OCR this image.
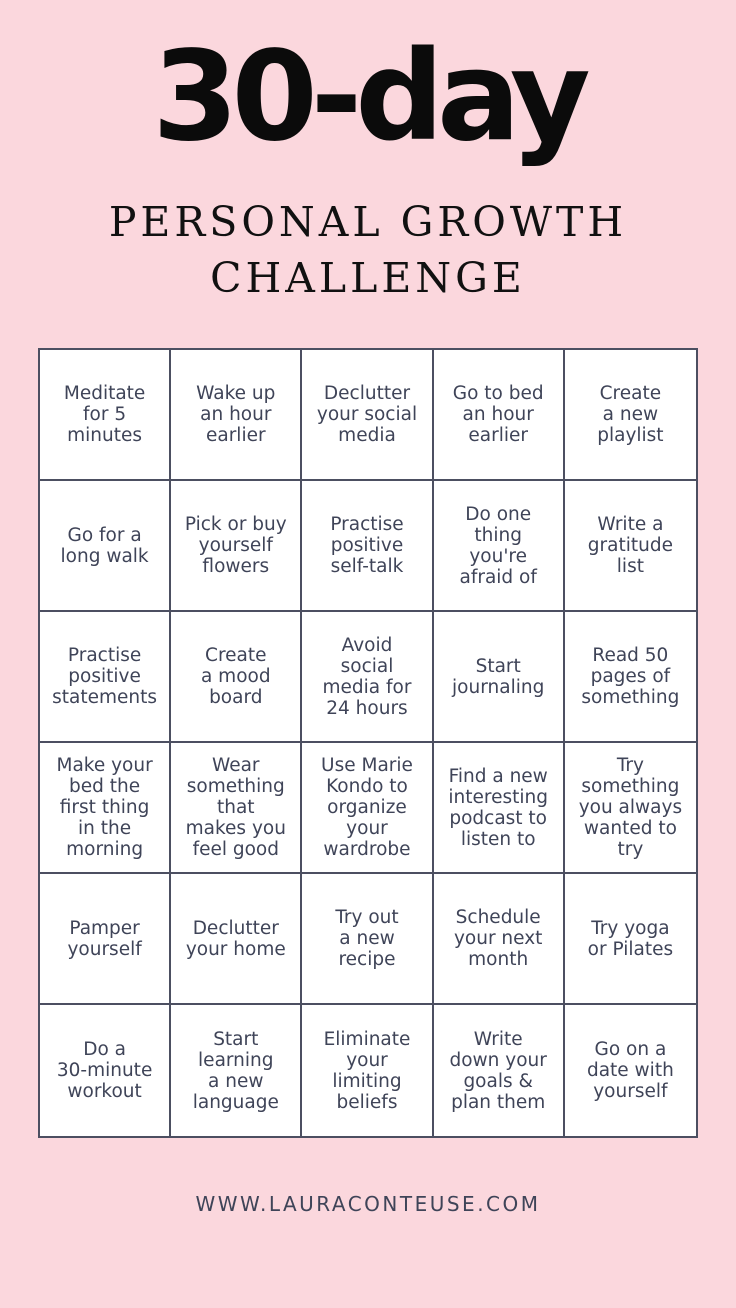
30-day
PERSONAL GROWTH
CHALLENGE
Meditate
for 5
minutes
Wake up
an hour
earlier
Declutter
your social
media
Go to bed
an hour
earlier
Create
a new
playlist
Go for a
long walk
Pick or buy
yourself
flowers
Practise
positive
self-talk
Do one
thing
you're
afraid of
Write a
gratitude
list
Practise
positive
statements
Create
a mood
board
Avoid
social
media for
24 hours
Start
journaling
Read 50
pages of
something
Make your
bed the
first thing
in the
morning
Wear
something
that
makes you
feel good
Use Marie
Kondo to
organize
your
wardrobe
Find a new
interesting
podcast to
listen to
Try
something
you always
wanted to
try
Pamper
yourself
Declutter
your home
Try out
a new
recipe
Schedule
your next
month
Try yoga
or Pilates
Do a
30-minute
workout
Start
learning
a new
language
Eliminate
your
limiting
beliefs
Write
down your
goals &
plan them
Go on a
date with
yourself
WWW.LAURACONTEUSE.COM
